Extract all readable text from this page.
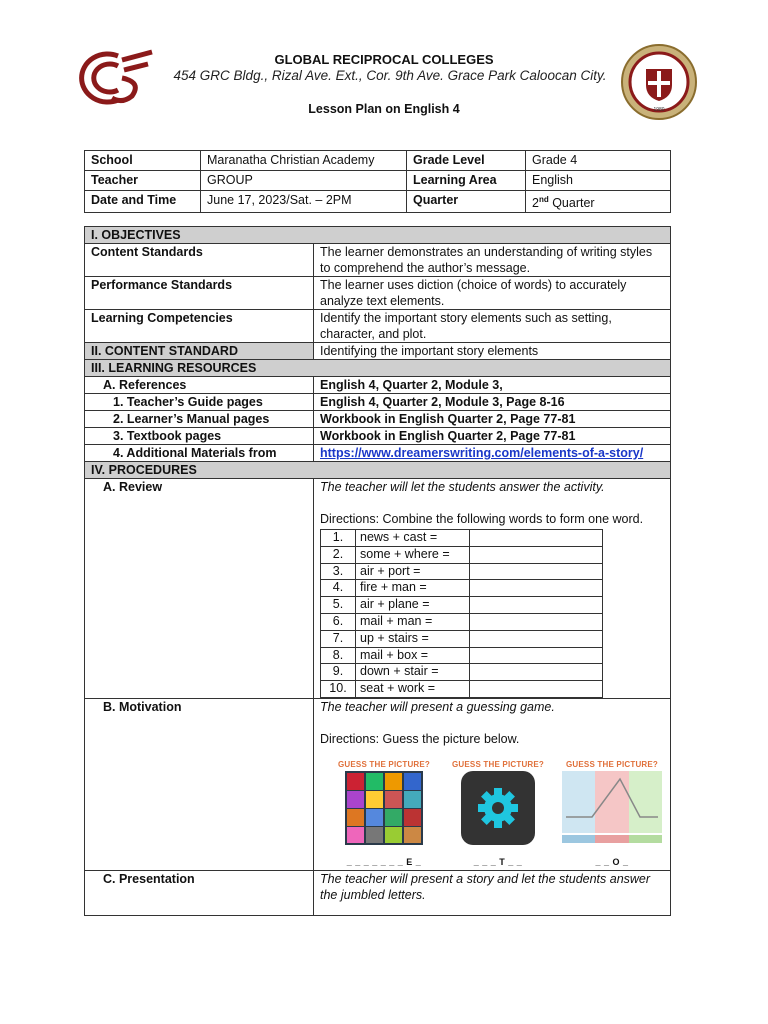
1980
GLOBAL RECIPROCAL COLLEGES
454 GRC Bldg., Rizal Ave. Ext., Cor. 9th Ave. Grace Park Caloocan City.
Lesson Plan on English 4
School	Maranatha Christian Academy	Grade Level	Grade 4
Teacher	GROUP	Learning Area	English
Date and Time	June 17, 2023/Sat. – 2PM	Quarter	2nd Quarter
I. OBJECTIVES
Content Standards	The learner demonstrates an understanding of writing styles to comprehend the author’s message.
Performance Standards	The learner uses diction (choice of words) to accurately analyze text elements.
Learning Competencies	Identify the important story elements such as setting, character, and plot.
II. CONTENT STANDARD	Identifying the important story elements
III. LEARNING RESOURCES
A. References	English 4, Quarter 2, Module 3,
1. Teacher’s Guide pages	English 4, Quarter 2, Module 3, Page 8-16
2. Learner’s Manual pages	Workbook in English Quarter 2, Page 77-81
3. Textbook pages	Workbook in English Quarter 2, Page 77-81
4. Additional Materials from	https://www.dreamerswriting.com/elements-of-a-story/
IV. PROCEDURES
A. Review	The teacher will let the students answer the activity.
Directions: Combine the following words to form one word.
1.	news + cast =	
2.	some + where =	
3.	air + port =	
4.	fire + man =	
5.	air + plane =	
6.	mail + man =	
7.	up + stairs =	
8.	mail + box =	
9.	down + stair =	
10.	seat + work =	

B. Motivation	The teacher will present a guessing game.
Directions: Guess the picture below.
GUESS THE PICTURE?
_ _ _ _ _ _ _ E _
GUESS THE PICTURE?
_ _ _ T _ _
GUESS THE PICTURE?
_ _ O _

C. Presentation	The teacher will present a story and let the students answer the jumbled letters.
